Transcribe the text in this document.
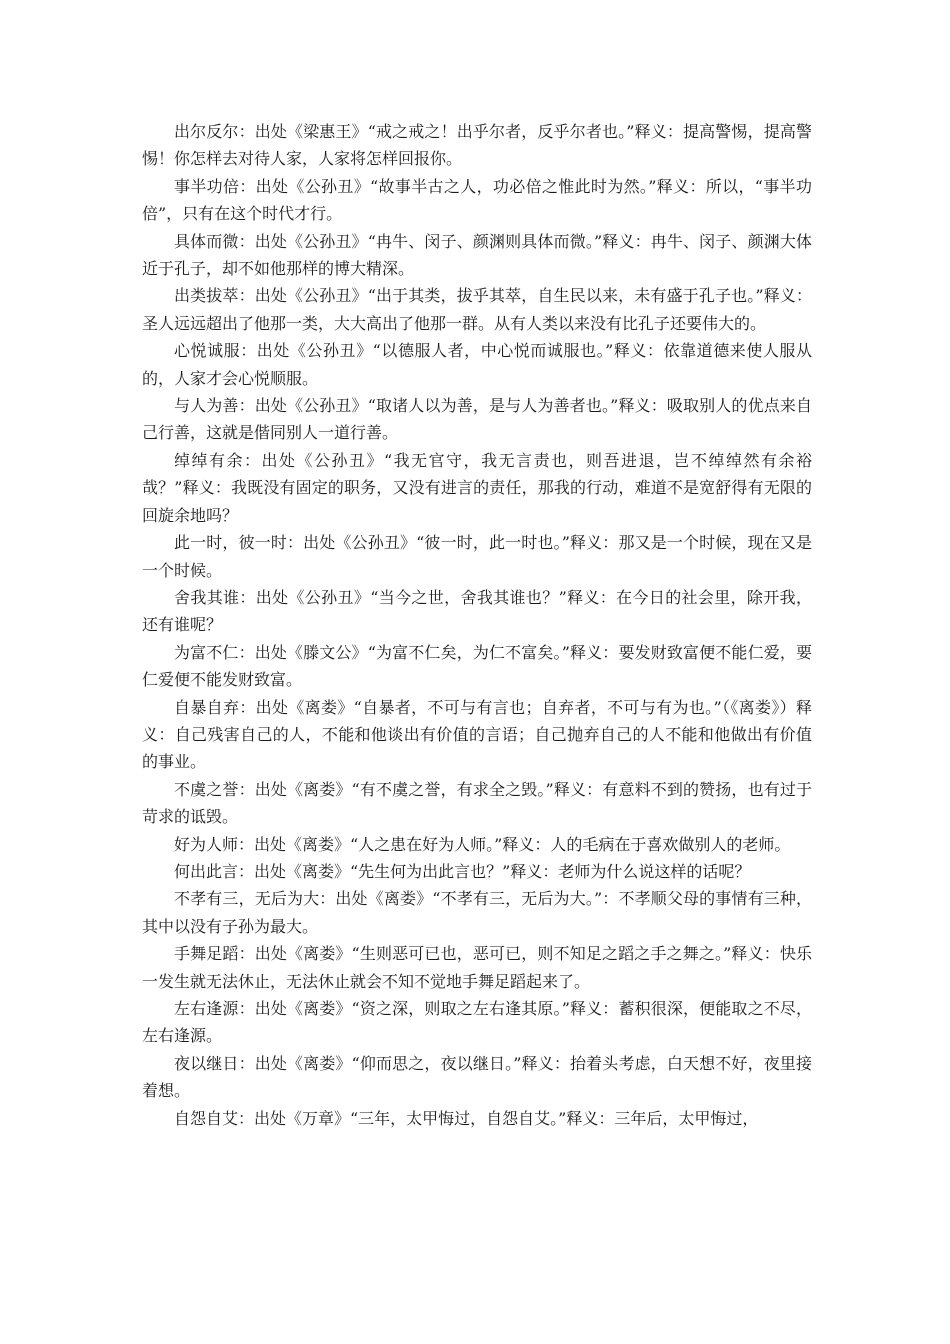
出尔反尔：出处《梁惠王》“戒之戒之！出乎尔者，反乎尔者也。”释义：提高警惕，提高警惕！你怎样去对待人家，人家将怎样回报你。

事半功倍：出处《公孙丑》“故事半古之人，功必倍之惟此时为然。”释义：所以，“事半功倍”，只有在这个时代才行。

具体而微：出处《公孙丑》“冉牛、闵子、颜渊则具体而微。”释义：冉牛、闵子、颜渊大体近于孔子，却不如他那样的博大精深。

出类拔萃：出处《公孙丑》“出于其类，拔乎其萃，自生民以来，未有盛于孔子也。”释义：圣人远远超出了他那一类，大大高出了他那一群。从有人类以来没有比孔子还要伟大的。

心悦诚服：出处《公孙丑》“以德服人者，中心悦而诚服也。”释义：依靠道德来使人服从的，人家才会心悦顺服。

与人为善：出处《公孙丑》“取诸人以为善，是与人为善者也。”释义：吸取别人的优点来自己行善，这就是偕同别人一道行善。

绰绰有余：出处《公孙丑》“我无官守，我无言责也，则吾进退，岂不绰绰然有余裕哉？”释义：我既没有固定的职务，又没有进言的责任，那我的行动，难道不是宽舒得有无限的回旋余地吗？

此一时，彼一时：出处《公孙丑》“彼一时，此一时也。”释义：那又是一个时候，现在又是一个时候。

舍我其谁：出处《公孙丑》“当今之世，舍我其谁也？”释义：在今日的社会里，除开我，还有谁呢？

为富不仁：出处《滕文公》“为富不仁矣，为仁不富矣。”释义：要发财致富便不能仁爱，要仁爱便不能发财致富。

自暴自弃：出处《离娄》“自暴者，不可与有言也；自弃者，不可与有为也。”（《离娄》）释义：自己残害自己的人，不能和他谈出有价值的言语；自己抛弃自己的人不能和他做出有价值的事业。

不虞之誉：出处《离娄》“有不虞之誉，有求全之毁。”释义：有意料不到的赞扬，也有过于苛求的诋毁。

好为人师：出处《离娄》“人之患在好为人师。”释义：人的毛病在于喜欢做别人的老师。

何出此言：出处《离娄》“先生何为出此言也？”释义：老师为什么说这样的话呢？

不孝有三，无后为大：出处《离娄》“不孝有三，无后为大。”：不孝顺父母的事情有三种，其中以没有子孙为最大。

手舞足蹈：出处《离娄》“生则恶可已也，恶可已，则不知足之蹈之手之舞之。”释义：快乐一发生就无法休止，无法休止就会不知不觉地手舞足蹈起来了。

左右逢源：出处《离娄》“资之深，则取之左右逢其原。”释义：蓄积很深，便能取之不尽，左右逢源。

夜以继日：出处《离娄》“仰而思之，夜以继日。”释义：抬着头考虑，白天想不好，夜里接着想。

自怨自艾：出处《万章》“三年，太甲悔过，自怨自艾。”释义：三年后，太甲悔过，
